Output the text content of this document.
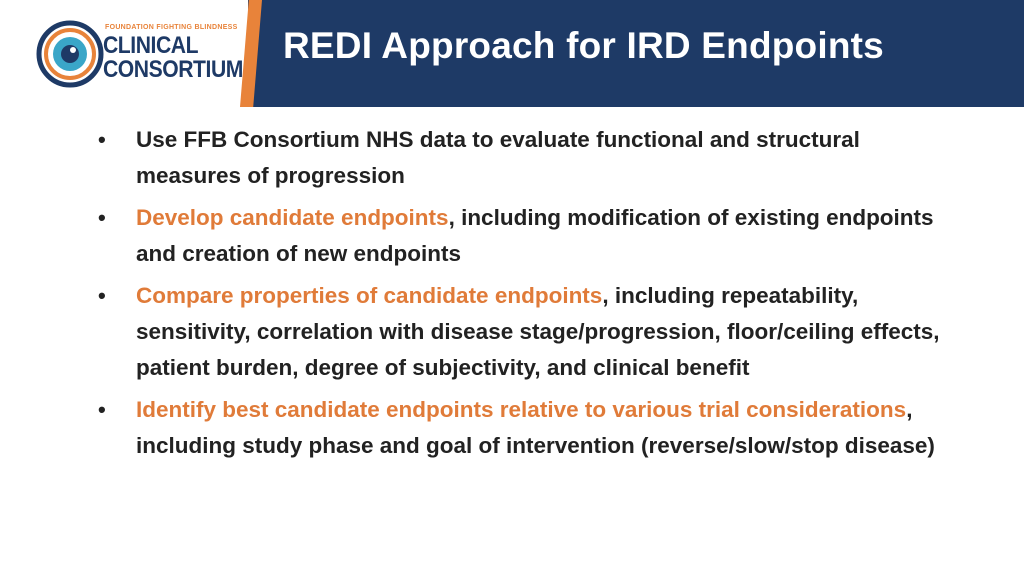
FOUNDATION FIGHTING BLINDNESS
CLINICAL
CONSORTIUM
REDI Approach for IRD Endpoints
• Use FFB Consortium NHS data to evaluate functional and structural measures of progression
• Develop candidate endpoints, including modification of existing endpoints and creation of new endpoints
• Compare properties of candidate endpoints, including repeatability, sensitivity, correlation with disease stage/progression, floor/ceiling effects, patient burden, degree of subjectivity, and clinical benefit
• Identify best candidate endpoints relative to various trial considerations, including study phase and goal of intervention (reverse/slow/stop disease)
